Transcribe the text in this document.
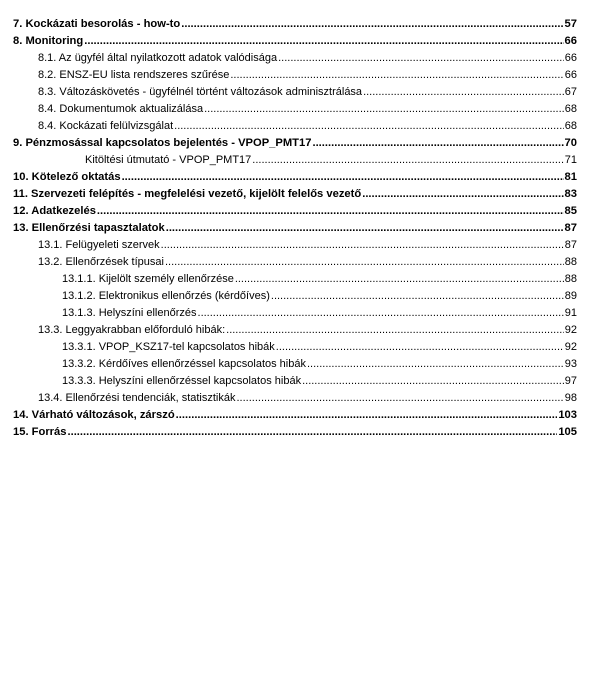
7. Kockázati besorolás - how-to .....	57
8. Monitoring .....	66
8.1. Az ügyfél által nyilatkozott adatok valódisága .....	66
8.2. ENSZ-EU lista rendszeres szűrése .....	66
8.3. Változáskövetés - ügyfélnél történt változások adminisztrálása .....	67
8.4. Dokumentumok aktualizálása .....	68
8.4. Kockázati felülvizsgálat .....	68
9. Pénzmosással kapcsolatos bejelentés - VPOP_PMT17 .....	70
Kitöltési útmutató - VPOP_PMT17 .....	71
10. Kötelező oktatás .....	81
11. Szervezeti felépítés - megfelelési vezető, kijelölt felelős vezető .....	83
12. Adatkezelés .....	85
13. Ellenőrzési tapasztalatok .....	87
13.1. Felügyeleti szervek .....	87
13.2. Ellenőrzések típusai .....	88
13.1.1. Kijelölt személy ellenőrzése .....	88
13.1.2. Elektronikus ellenőrzés (kérdőíves) .....	89
13.1.3. Helyszíni ellenőrzés .....	91
13.3. Leggyakrabban előforduló hibák: .....	92
13.3.1. VPOP_KSZ17-tel kapcsolatos hibák .....	92
13.3.2. Kérdőíves ellenőrzéssel kapcsolatos hibák .....	93
13.3.3. Helyszíni ellenőrzéssel kapcsolatos hibák .....	97
13.4. Ellenőrzési tendenciák, statisztikák .....	98
14. Várható változások, zárszó .....	103
15. Forrás .....	105
